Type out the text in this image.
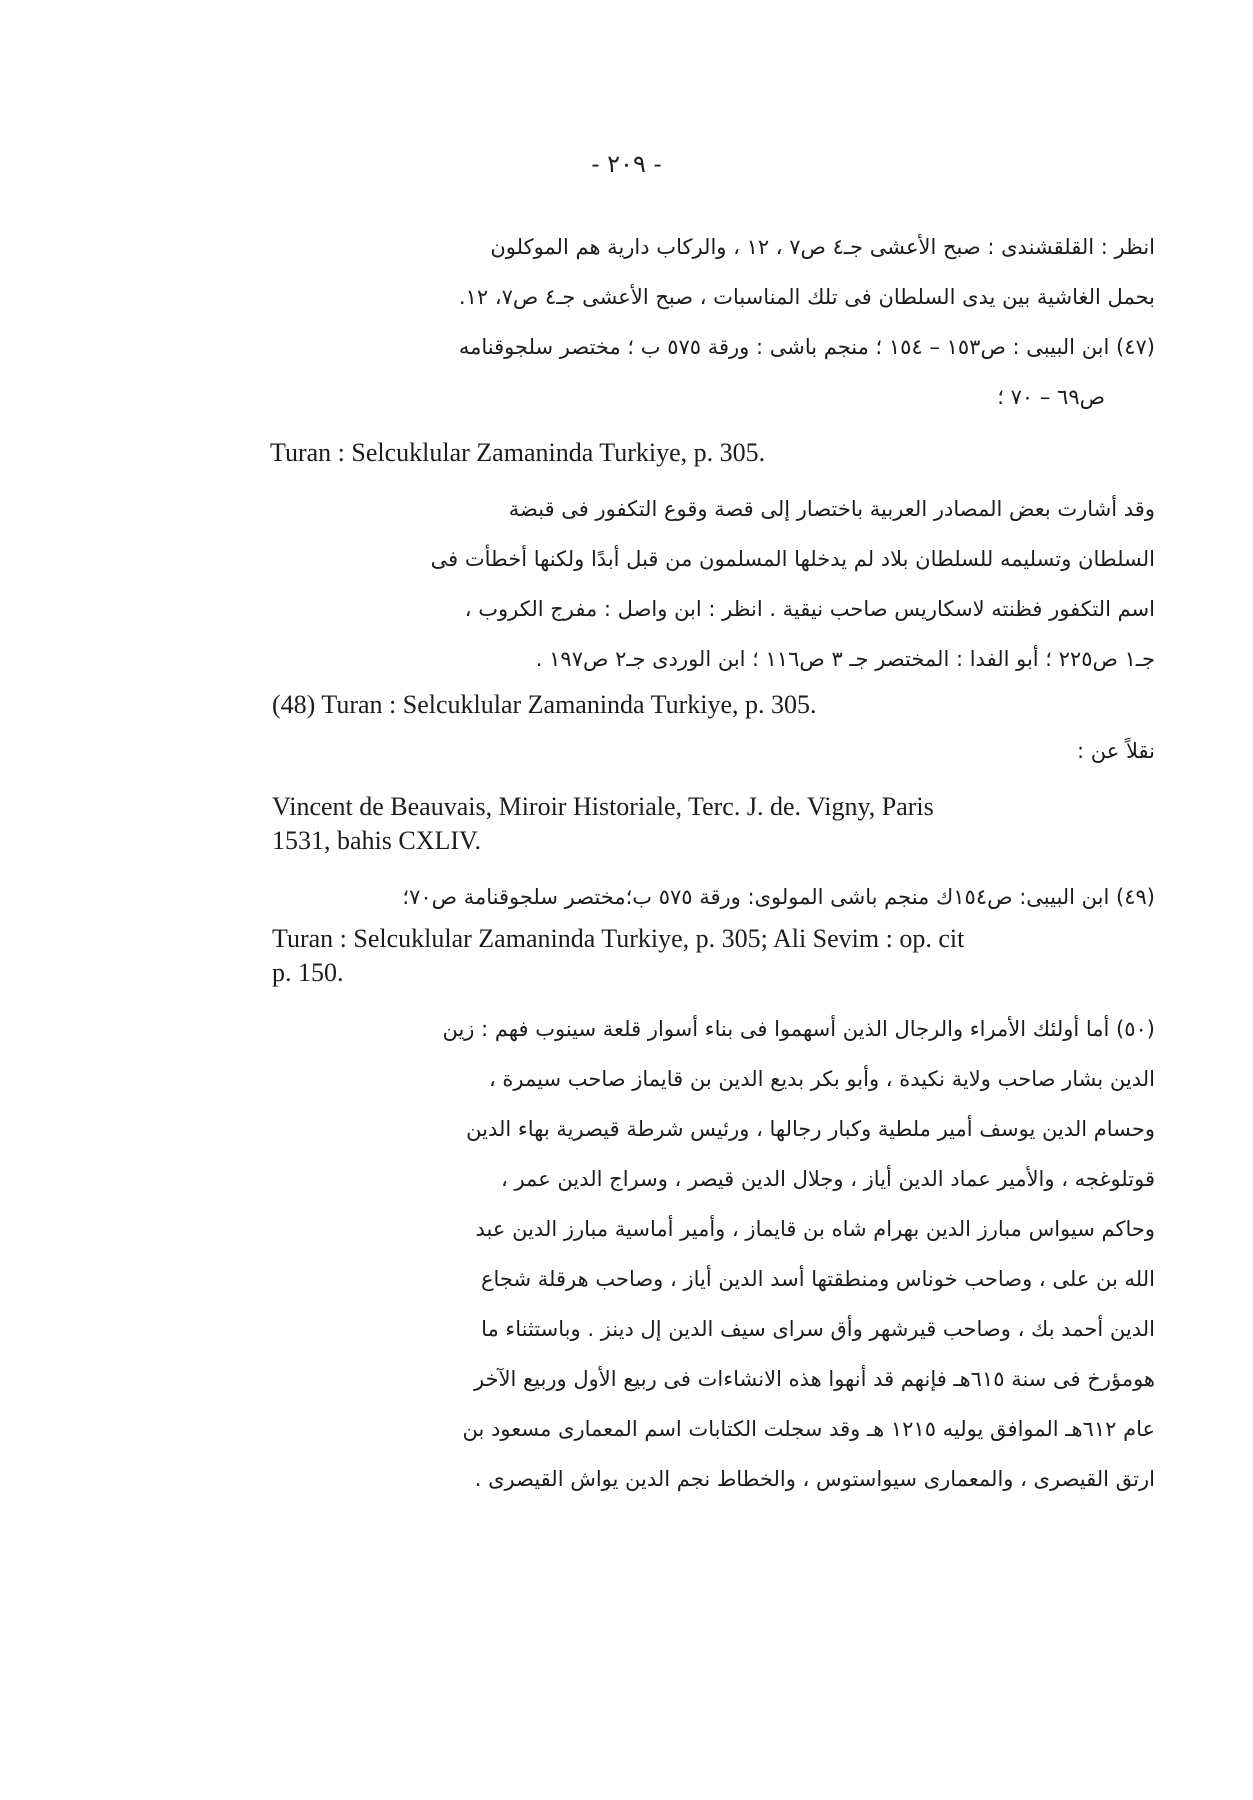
- ٢٠٩ -

انظر : القلقشندى : صبح الأعشى جـ٤ ص٧ ، ١٢ ، والركاب دارية هم الموكلون

بحمل الغاشية بين يدى السلطان فى تلك المناسبات ، صبح الأعشى جـ٤ ص٧، ١٢.

(٤٧) ابن البيبى : ص١٥٣ – ١٥٤ ؛ منجم باشى : ورقة ٥٧٥ ب ؛ مختصر سلجوقنامه

ص٦٩ – ٧٠ ؛

Turan : Selcuklular Zamaninda Turkiye, p. 305.

وقد أشارت بعض المصادر العربية باختصار إلى قصة وقوع التكفور فى قبضة

السلطان وتسليمه للسلطان بلاد لم يدخلها المسلمون من قبل أبدًا ولكنها أخطأت فى

اسم التكفور فظنته لاسكاريس صاحب نيقية . انظر : ابن واصل : مفرج الكروب ،

جـ١ ص٢٢٥ ؛ أبو الفدا : المختصر جـ ٣ ص١١٦ ؛ ابن الوردى جـ٢ ص١٩٧ .

(48) Turan : Selcuklular Zamaninda Turkiye, p. 305.

نقلاً عن :

Vincent de Beauvais, Miroir Historiale, Terc. J. de. Vigny, Paris

1531, bahis CXLIV.

(٤٩) ابن البيبى: ص١٥٤ك منجم باشى المولوى: ورقة ٥٧٥ ب؛مختصر سلجوقنامة ص٧٠؛

Turan : Selcuklular Zamaninda Turkiye, p. 305; Ali Sevim : op. cit

p. 150.

(٥٠) أما أولئك الأمراء والرجال الذين أسهموا فى بناء أسوار قلعة سينوب فهم : زين

الدين بشار صاحب ولاية نكيدة ، وأبو بكر بديع الدين بن قايماز صاحب سيمرة ،

وحسام الدين يوسف أمير ملطية وكبار رجالها ، ورئيس شرطة قيصرية بهاء الدين

قوتلوغجه ، والأمير عماد الدين أياز ، وجلال الدين قيصر ، وسراج الدين عمر ،

وحاكم سيواس مبارز الدين بهرام شاه بن قايماز ، وأمير أماسية مبارز الدين عبد

الله بن على ، وصاحب خوناس ومنطقتها أسد الدين أياز ، وصاحب هرقلة شجاع

الدين أحمد بك ، وصاحب قيرشهر وأق سراى سيف الدين إل دينز . وباستثناء ما

هومؤرخ فى سنة ٦١٥هـ فإنهم قد أنهوا هذه الانشاءات فى ربيع الأول وربيع الآخر

عام ٦١٢هـ الموافق يوليه ١٢١٥ هـ وقد سجلت الكتابات اسم المعمارى مسعود بن

ارتق القيصرى ، والمعمارى سيواستوس ، والخطاط نجم الدين يواش القيصرى .
